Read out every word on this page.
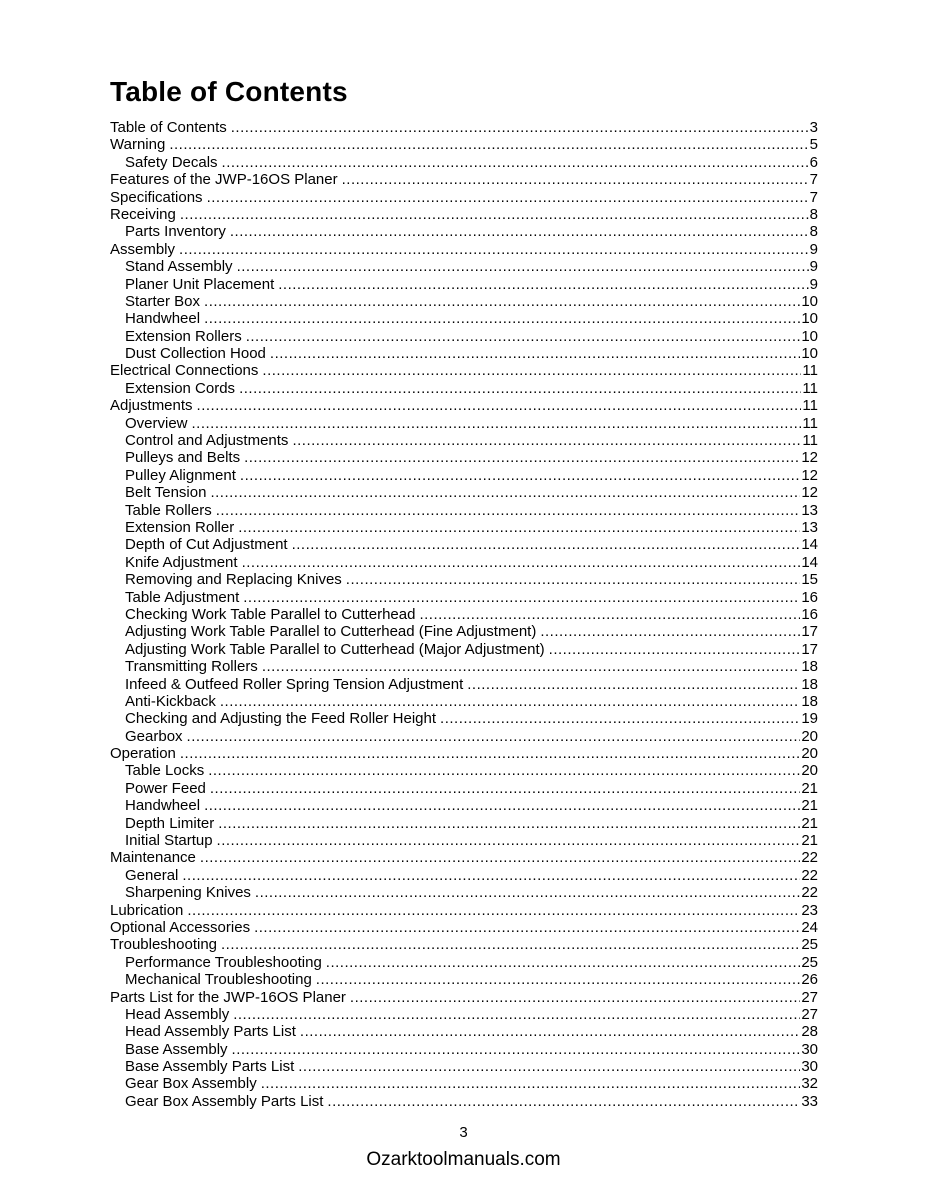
Table of Contents
Table of Contents .....	3
Warning .....	5
Safety Decals .....	6
Features of the JWP-16OS Planer .....	7
Specifications .....	7
Receiving .....	8
Parts Inventory .....	8
Assembly .....	9
Stand Assembly .....	9
Planer Unit Placement .....	9
Starter Box .....	10
Handwheel .....	10
Extension Rollers .....	10
Dust Collection Hood .....	10
Electrical Connections .....	11
Extension Cords .....	11
Adjustments .....	11
Overview .....	11
Control and Adjustments .....	11
Pulleys and Belts .....	12
Pulley Alignment .....	12
Belt Tension .....	12
Table Rollers .....	13
Extension Roller .....	13
Depth of Cut Adjustment .....	14
Knife Adjustment .....	14
Removing and Replacing Knives .....	15
Table Adjustment .....	16
Checking Work Table Parallel to Cutterhead .....	16
Adjusting Work Table Parallel to Cutterhead (Fine Adjustment) .....	17
Adjusting Work Table Parallel to Cutterhead (Major Adjustment) .....	17
Transmitting Rollers .....	18
Infeed & Outfeed Roller Spring Tension Adjustment .....	18
Anti-Kickback .....	18
Checking and Adjusting the Feed Roller Height .....	19
Gearbox .....	20
Operation .....	20
Table Locks .....	20
Power Feed .....	21
Handwheel .....	21
Depth Limiter .....	21
Initial Startup .....	21
Maintenance .....	22
General .....	22
Sharpening Knives .....	22
Lubrication .....	23
Optional Accessories .....	24
Troubleshooting .....	25
Performance Troubleshooting .....	25
Mechanical Troubleshooting .....	26
Parts List for the JWP-16OS Planer .....	27
Head Assembly .....	27
Head Assembly Parts List .....	28
Base Assembly .....	30
Base Assembly Parts List .....	30
Gear Box Assembly .....	32
Gear Box Assembly Parts List .....	33
3
Ozarktoolmanuals.com
